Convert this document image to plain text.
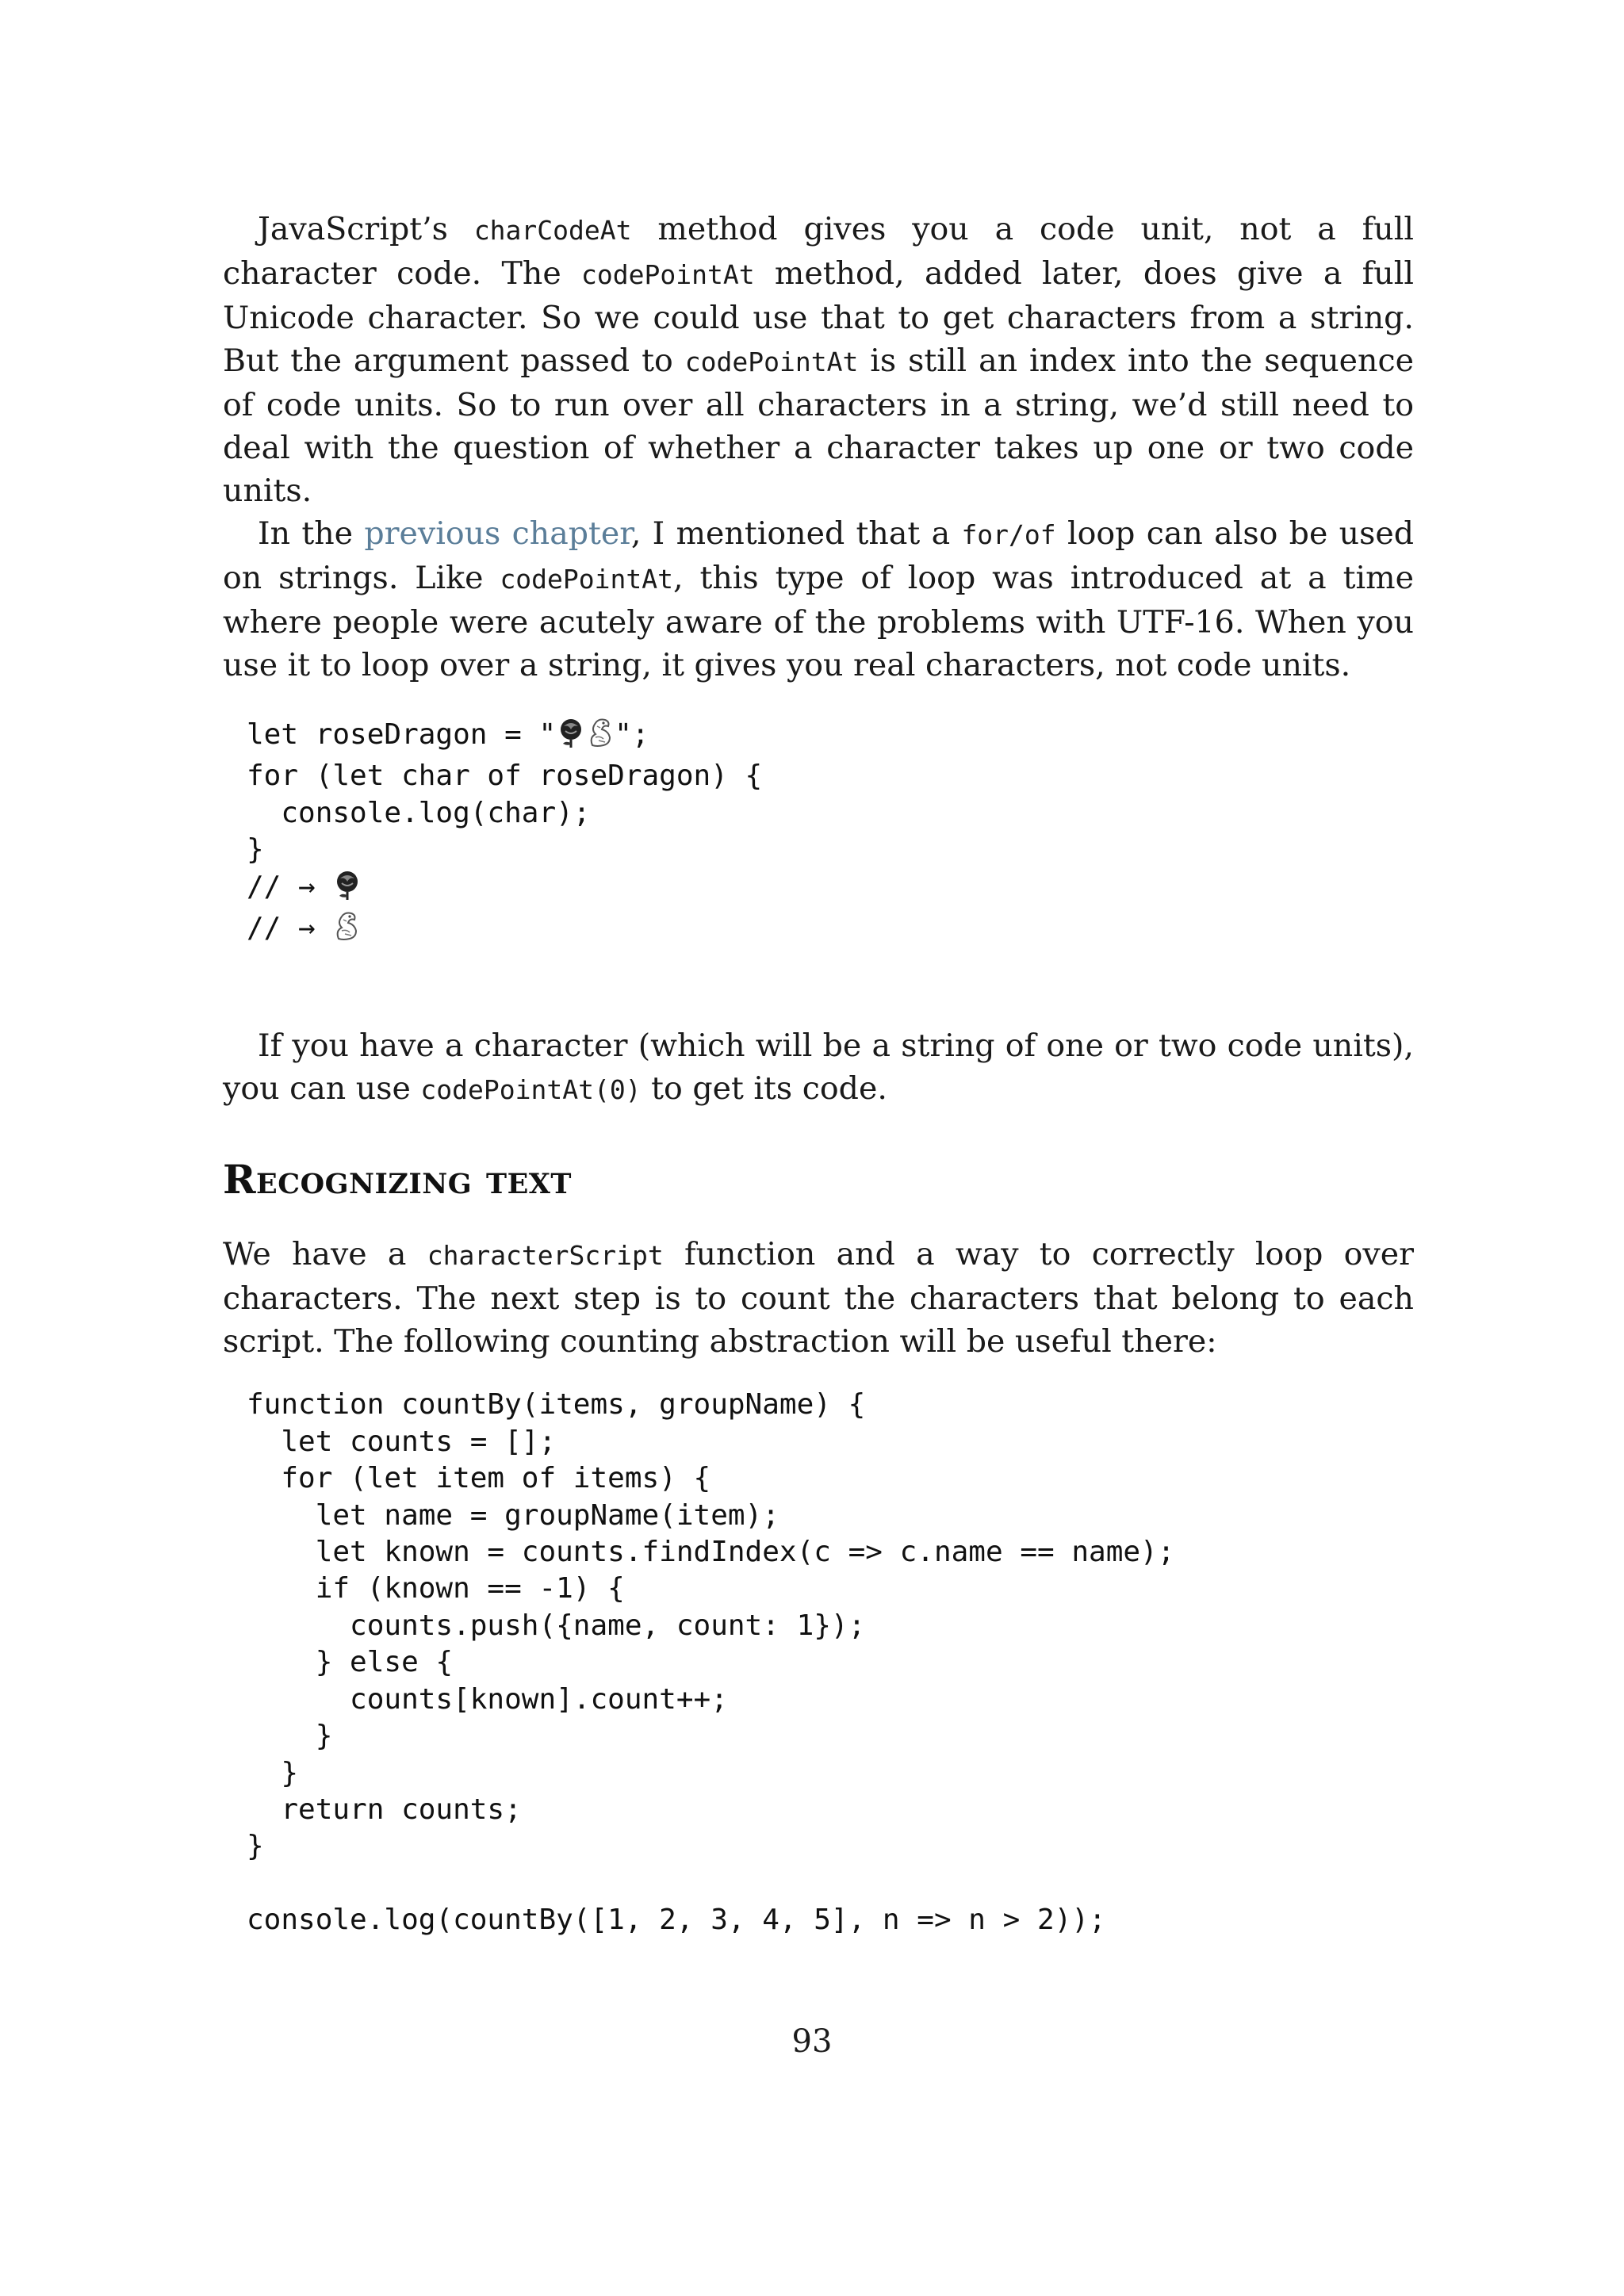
JavaScript’s charCodeAt method gives you a code unit, not a full character code. The codePointAt method, added later, does give a full Unicode character. So we could use that to get characters from a string. But the argument passed to codePointAt is still an index into the sequence of code units. So to run over all characters in a string, we’d still need to deal with the question of whether a character takes up one or two code units.

In the previous chapter, I mentioned that a for/of loop can also be used on strings. Like codePointAt, this type of loop was introduced at a time where people were acutely aware of the problems with UTF-16. When you use it to loop over a string, it gives you real characters, not code units.

let roseDragon = " ";
for (let char of roseDragon) {
console.log(char);
}
// →
// →

If you have a character (which will be a string of one or two code units), you can use codePointAt(0) to get its code.

Recognizing text

We have a characterScript function and a way to correctly loop over characters. The next step is to count the characters that belong to each script. The following counting abstraction will be useful there:

function countBy(items, groupName) {
let counts = [];
for (let item of items) {
let name = groupName(item);
let known = counts.findIndex(c => c.name == name);
if (known == -1) {
counts.push({name, count: 1});
} else {
counts[known].count++;
}
}
return counts;
}

console.log(countBy([1, 2, 3, 4, 5], n => n > 2));
93
